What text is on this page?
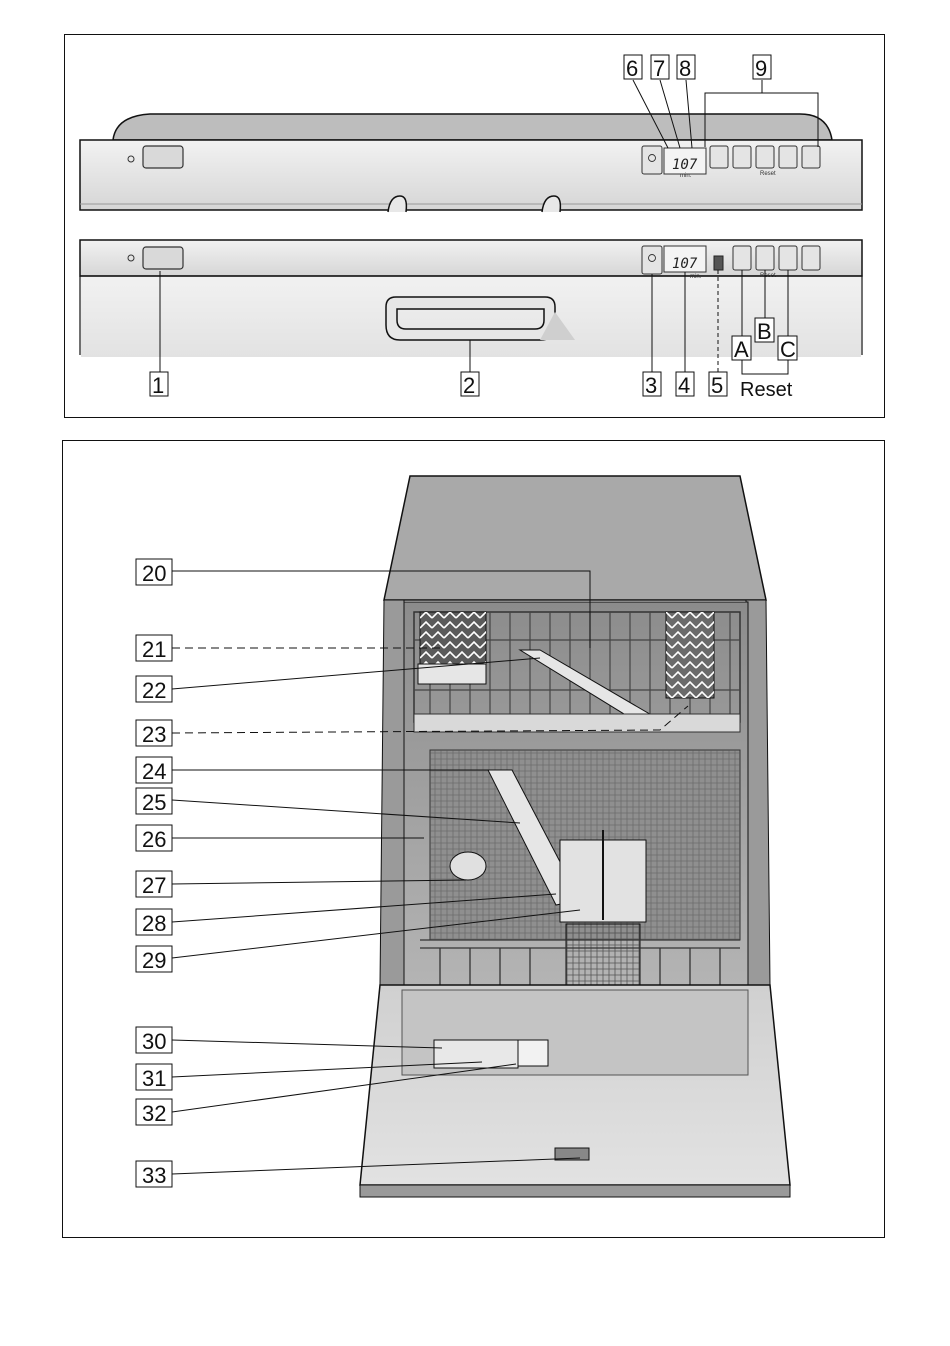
107
min.	Reset
107
min.	Reset
1	2	3 4 5
6 7 8	9
A
B
C
Reset
20
21
22
23
24
25
26
27
28
29
30
31
32
33
